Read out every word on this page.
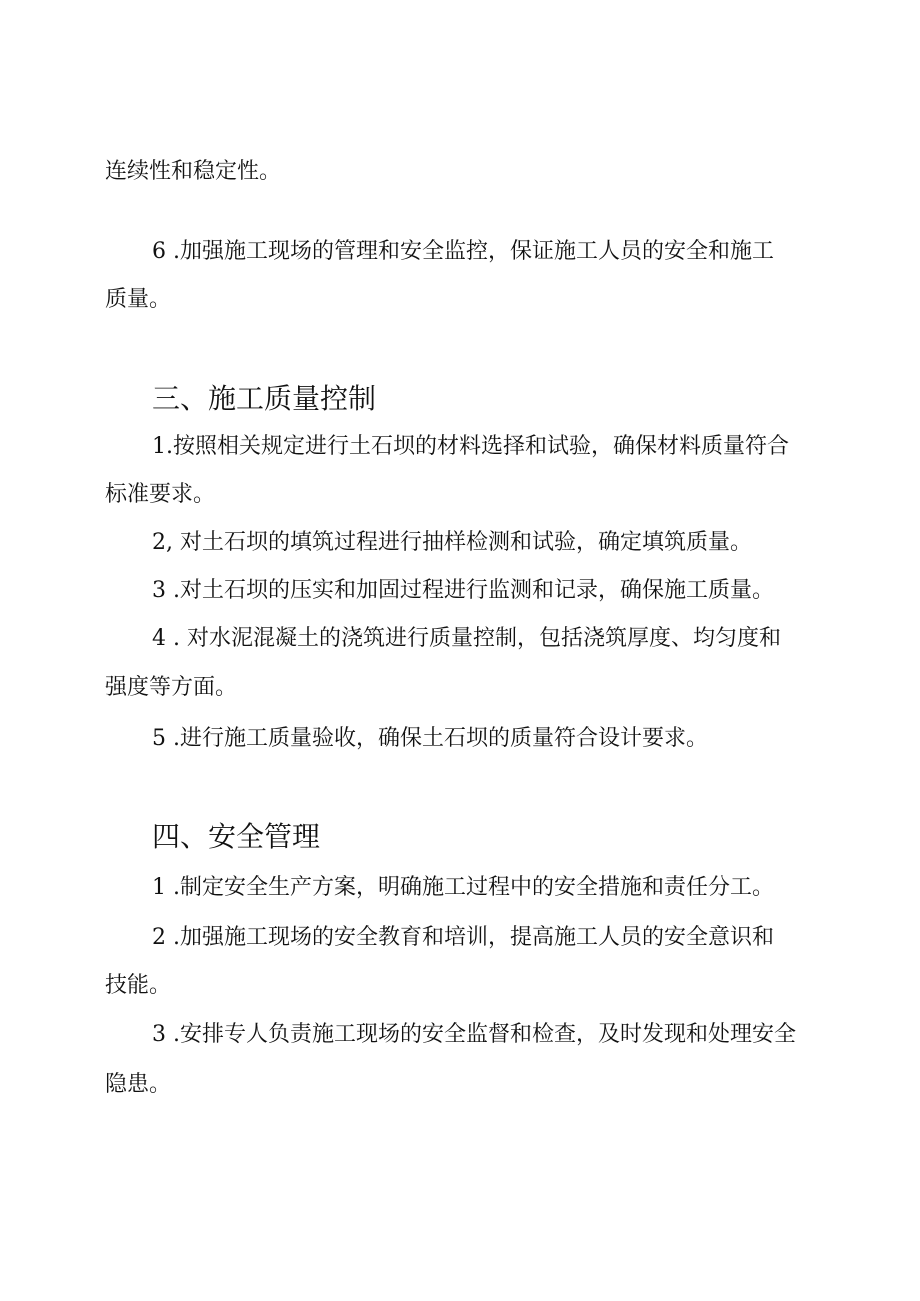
连续性和稳定性。

6 .加强施工现场的管理和安全监控，保证施工人员的安全和施工

质量。

三、施工质量控制

1.按照相关规定进行土石坝的材料选择和试验，确保材料质量符合

标准要求。

2, 对土石坝的填筑过程进行抽样检测和试验，确定填筑质量。

3 .对土石坝的压实和加固过程进行监测和记录，确保施工质量。

4 . 对水泥混凝土的浇筑进行质量控制，包括浇筑厚度、均匀度和

强度等方面。

5 .进行施工质量验收，确保土石坝的质量符合设计要求。

四、安全管理

1 .制定安全生产方案，明确施工过程中的安全措施和责任分工。

2 .加强施工现场的安全教育和培训，提高施工人员的安全意识和

技能。

3 .安排专人负责施工现场的安全监督和检查，及时发现和处理安全

隐患。
